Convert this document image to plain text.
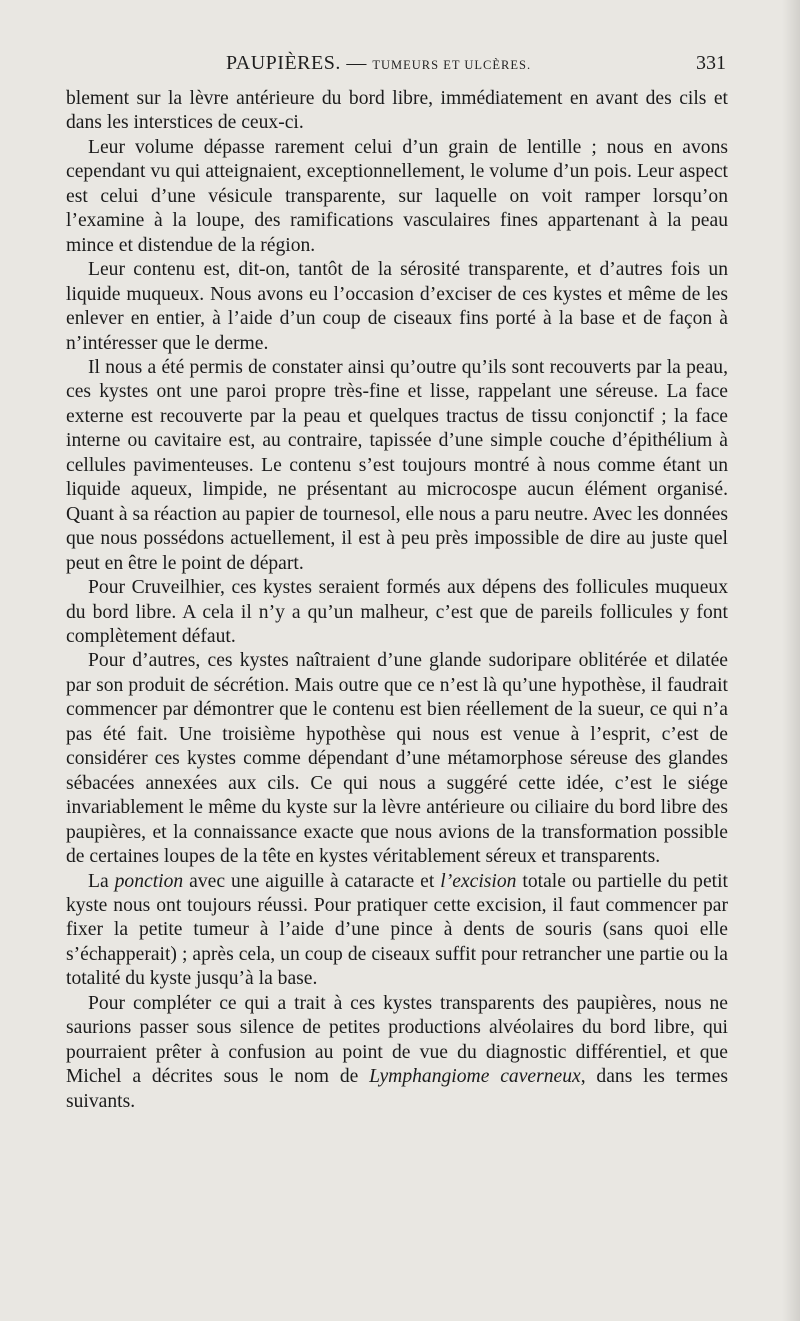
PAUPIÈRES. — TUMEURS ET ULCÈRES.	331

blement sur la lèvre antérieure du bord libre, immédiatement en avant des cils et dans les interstices de ceux-ci.

Leur volume dépasse rarement celui d’un grain de lentille ; nous en avons cependant vu qui atteignaient, exceptionnellement, le volume d’un pois. Leur aspect est celui d’une vésicule transparente, sur laquelle on voit ramper lorsqu’on l’examine à la loupe, des ramifications vasculaires fines appartenant à la peau mince et distendue de la région.

Leur contenu est, dit-on, tantôt de la sérosité transparente, et d’autres fois un liquide muqueux. Nous avons eu l’occasion d’exciser de ces kystes et même de les enlever en entier, à l’aide d’un coup de ciseaux fins porté à la base et de façon à n’intéresser que le derme.

Il nous a été permis de constater ainsi qu’outre qu’ils sont recouverts par la peau, ces kystes ont une paroi propre très-fine et lisse, rappelant une séreuse. La face externe est recouverte par la peau et quelques tractus de tissu conjonctif ; la face interne ou cavitaire est, au contraire, tapissée d’une simple couche d’épithélium à cellules pavimenteuses. Le contenu s’est toujours montré à nous comme étant un liquide aqueux, limpide, ne présentant au microcospe aucun élément organisé. Quant à sa réaction au papier de tournesol, elle nous a paru neutre. Avec les données que nous possédons actuellement, il est à peu près impossible de dire au juste quel peut en être le point de départ.

Pour Cruveilhier, ces kystes seraient formés aux dépens des follicules muqueux du bord libre. A cela il n’y a qu’un malheur, c’est que de pareils follicules y font complètement défaut.

Pour d’autres, ces kystes naîtraient d’une glande sudoripare oblitérée et dilatée par son produit de sécrétion. Mais outre que ce n’est là qu’une hypothèse, il faudrait commencer par démontrer que le contenu est bien réellement de la sueur, ce qui n’a pas été fait. Une troisième hypothèse qui nous est venue à l’esprit, c’est de considérer ces kystes comme dépendant d’une métamorphose séreuse des glandes sébacées annexées aux cils. Ce qui nous a suggéré cette idée, c’est le siége invariablement le même du kyste sur la lèvre antérieure ou ciliaire du bord libre des paupières, et la connaissance exacte que nous avions de la transformation possible de certaines loupes de la tête en kystes véritablement séreux et transparents.

La ponction avec une aiguille à cataracte et l’excision totale ou partielle du petit kyste nous ont toujours réussi. Pour pratiquer cette excision, il faut commencer par fixer la petite tumeur à l’aide d’une pince à dents de souris (sans quoi elle s’échapperait) ; après cela, un coup de ciseaux suffit pour retrancher une partie ou la totalité du kyste jusqu’à la base.

Pour compléter ce qui a trait à ces kystes transparents des paupières, nous ne saurions passer sous silence de petites productions alvéolaires du bord libre, qui pourraient prêter à confusion au point de vue du diagnostic différentiel, et que Michel a décrites sous le nom de Lymphangiome caverneux, dans les termes suivants.
